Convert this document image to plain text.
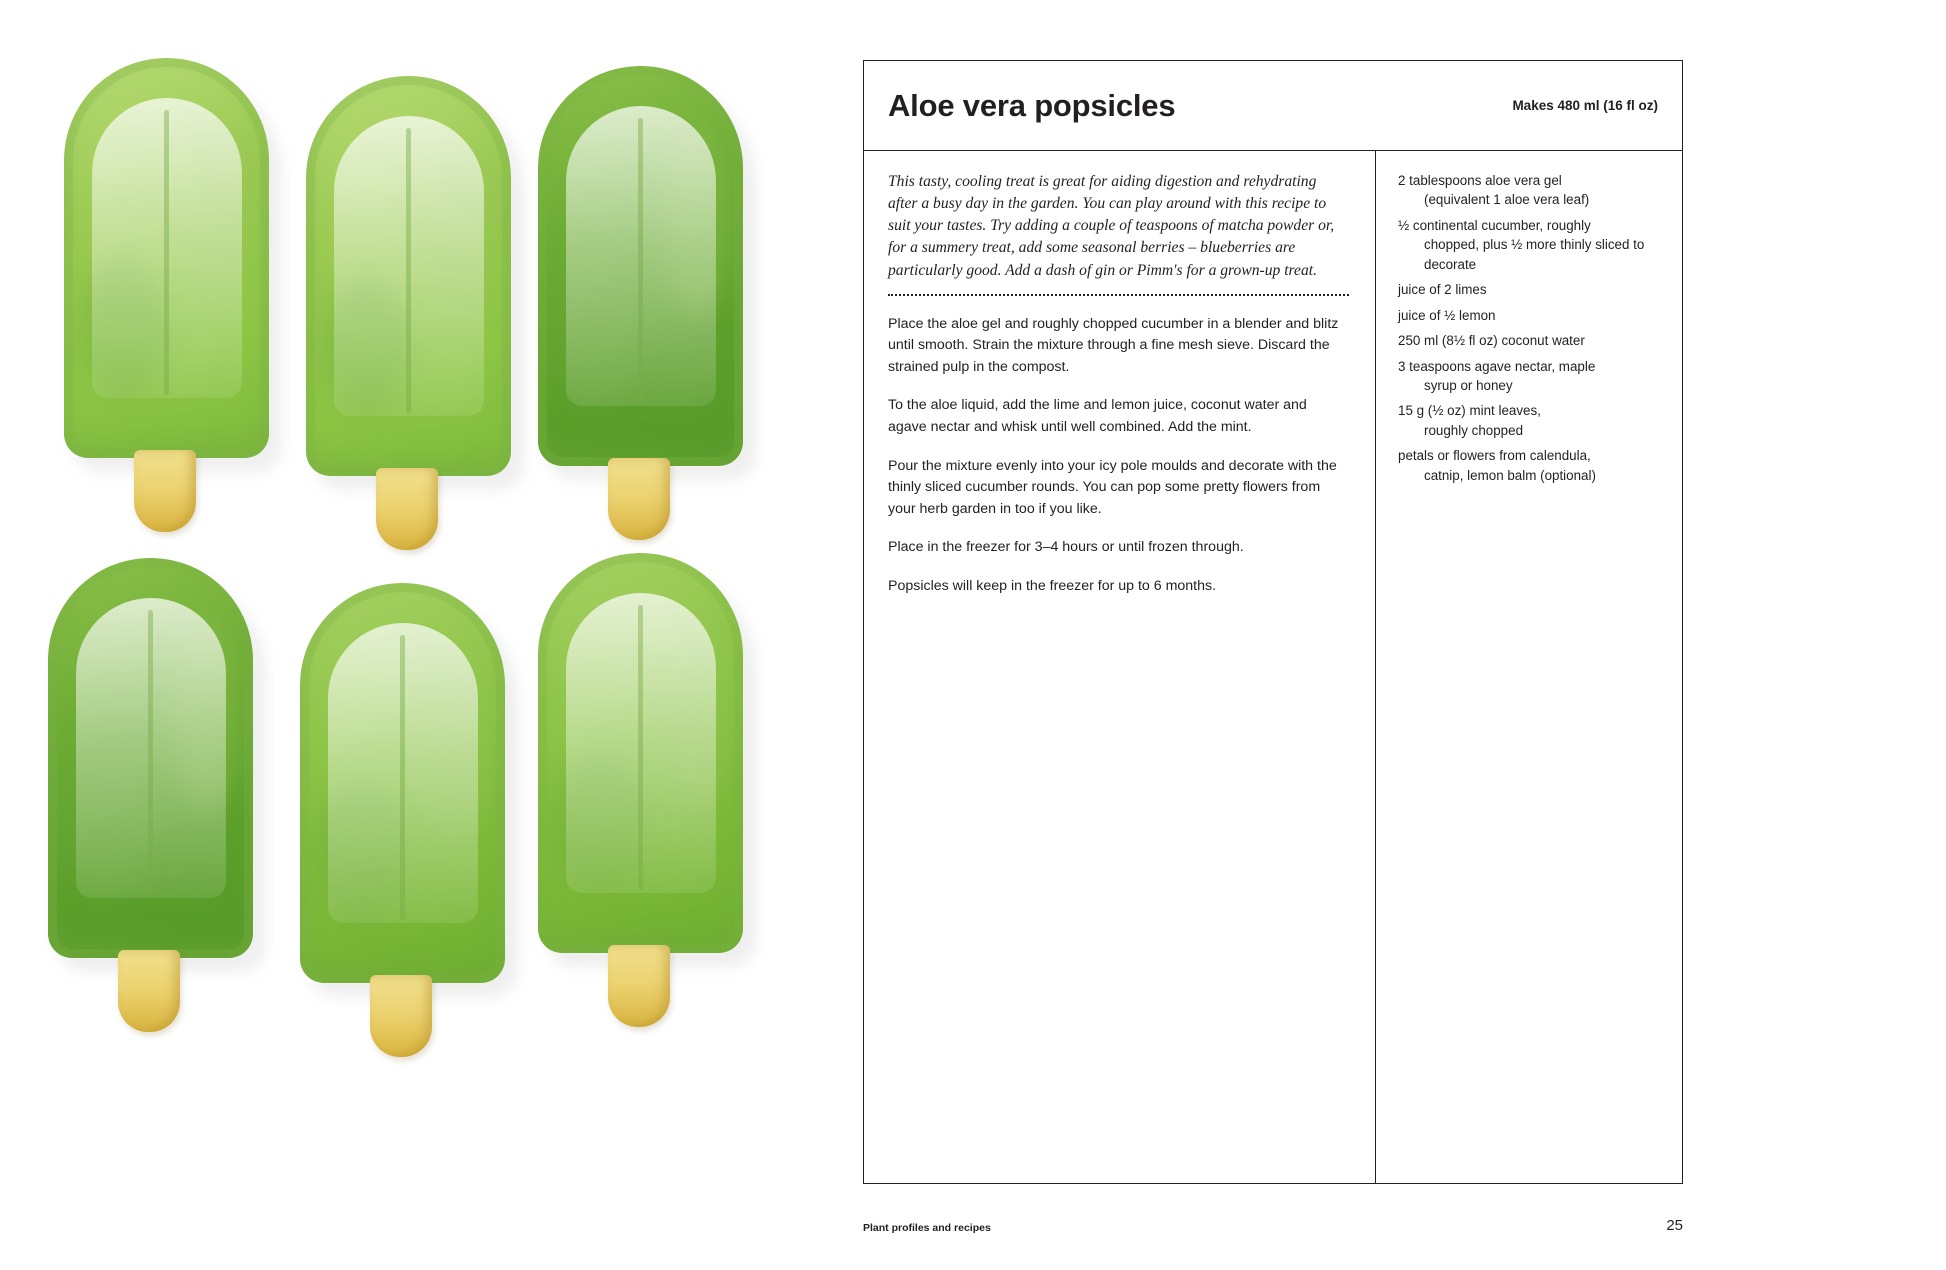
Aloe vera popsicles	Makes 480 ml (16 fl oz)

This tasty, cooling treat is great for aiding digestion and rehydrating after a busy day in the garden. You can play around with this recipe to suit your tastes. Try adding a couple of teaspoons of matcha powder or, for a summery treat, add some seasonal berries – blueberries are particularly good. Add a dash of gin or Pimm's for a grown-up treat.

Place the aloe gel and roughly chopped cucumber in a blender and blitz until smooth. Strain the mixture through a fine mesh sieve. Discard the strained pulp in the compost.

To the aloe liquid, add the lime and lemon juice, coconut water and agave nectar and whisk until well combined. Add the mint.

Pour the mixture evenly into your icy pole moulds and decorate with the thinly sliced cucumber rounds. You can pop some pretty flowers from your herb garden in too if you like.

Place in the freezer for 3–4 hours or until frozen through.

Popsicles will keep in the freezer for up to 6 months.

2 tablespoons aloe vera gel
(equivalent 1 aloe vera leaf)

½ continental cucumber, roughly
chopped, plus ½ more thinly sliced to decorate

juice of 2 limes

juice of ½ lemon

250 ml (8½ fl oz) coconut water

3 teaspoons agave nectar, maple
syrup or honey

15 g (½ oz) mint leaves,
roughly chopped

petals or flowers from calendula,
catnip, lemon balm (optional)

Plant profiles and recipes	25
